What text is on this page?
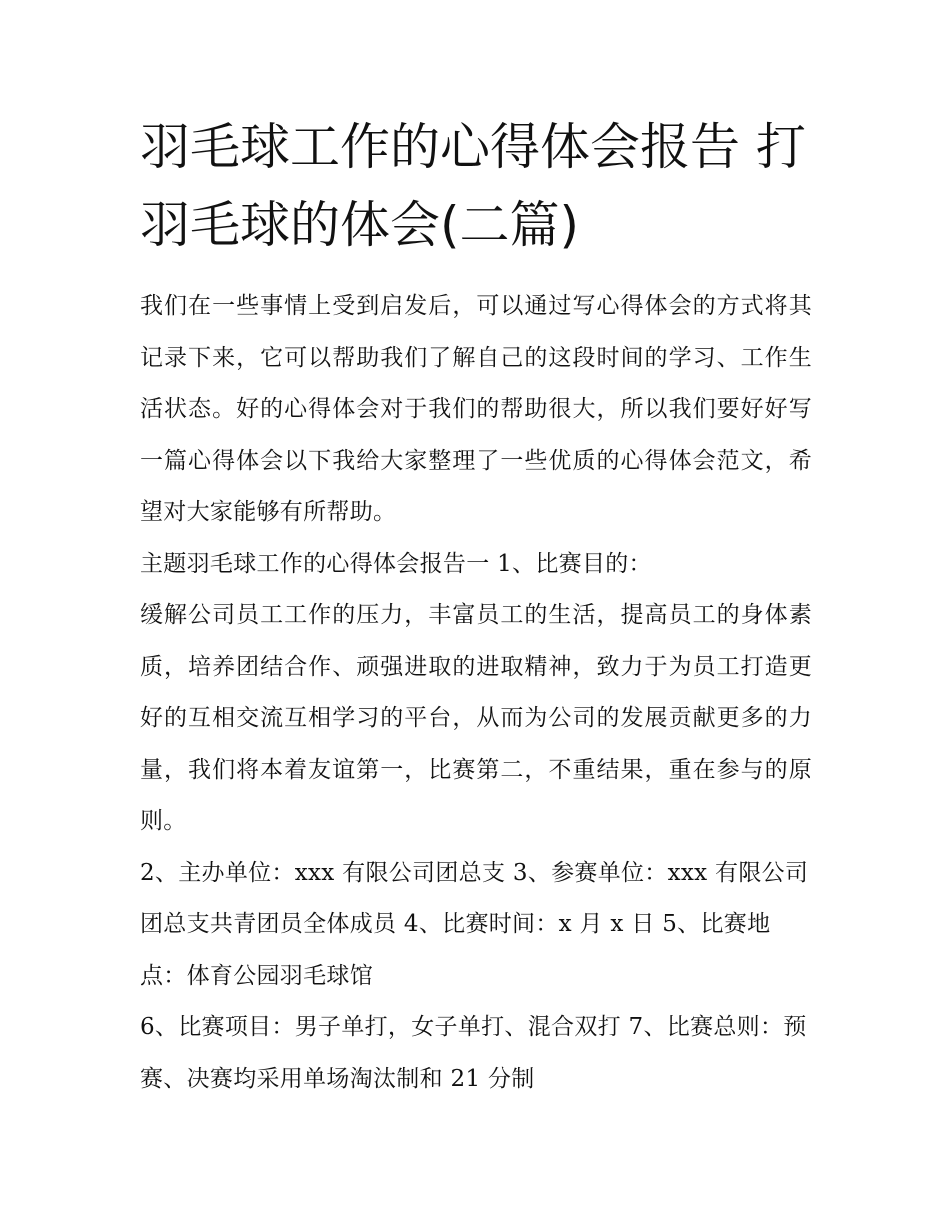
羽毛球工作的心得体会报告 打羽毛球的体会(二篇)

我们在一些事情上受到启发后，可以通过写心得体会的方式将其记录下来，它可以帮助我们了解自己的这段时间的学习、工作生活状态。好的心得体会对于我们的帮助很大，所以我们要好好写一篇心得体会以下我给大家整理了一些优质的心得体会范文，希望对大家能够有所帮助。

主题羽毛球工作的心得体会报告一 1、比赛目的：

缓解公司员工工作的压力，丰富员工的生活，提高员工的身体素质，培养团结合作、顽强进取的进取精神，致力于为员工打造更好的互相交流互相学习的平台，从而为公司的发展贡献更多的力量，我们将本着友谊第一，比赛第二，不重结果，重在参与的原则。

2、主办单位：xxx 有限公司团总支 3、参赛单位：xxx 有限公司团总支共青团员全体成员 4、比赛时间：x 月 x 日 5、比赛地点：体育公园羽毛球馆

6、比赛项目：男子单打，女子单打、混合双打 7、比赛总则：预赛、决赛均采用单场淘汰制和 21 分制
